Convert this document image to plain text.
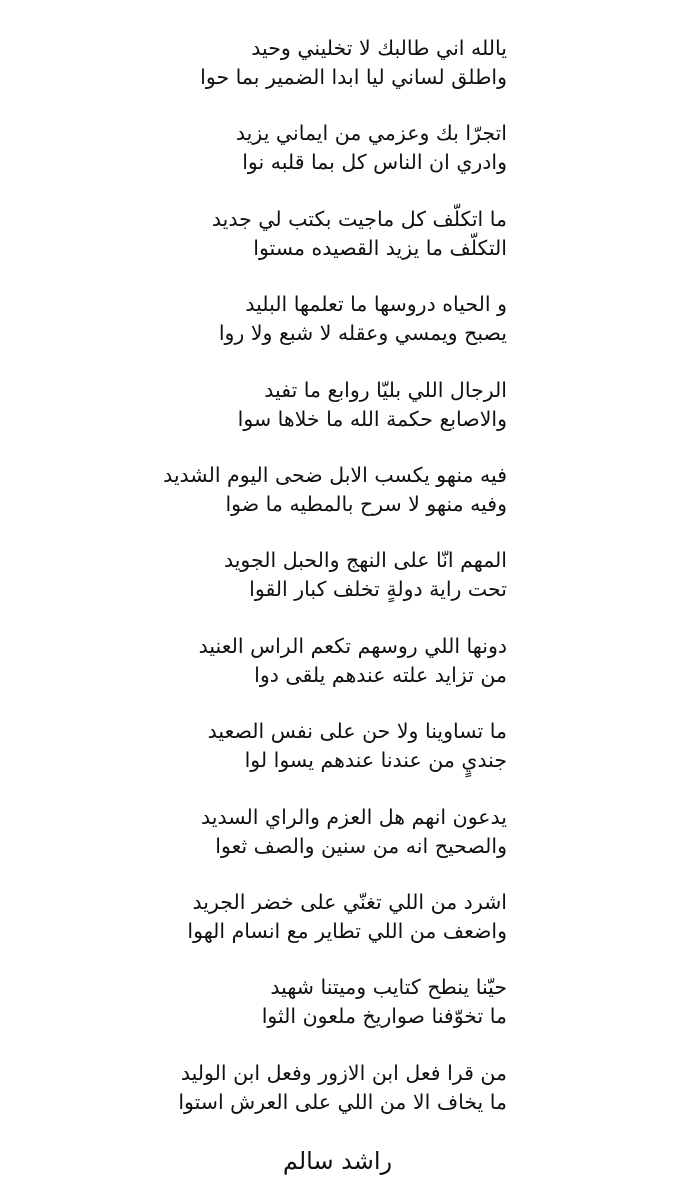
يالله اني طالبك لا تخليني وحيد
واطلق لساني ليا ابدا الضمير بما حوا
اتجرّا بك وعزمي من ايماني يزيد
وادري ان الناس كل بما قلبه نوا
ما اتكلّف كل ماجيت بكتب لي جديد
التكلّف ما يزيد القصيده مستوا
و الحياه دروسها ما تعلمها البليد
يصبح ويمسي وعقله لا شبع ولا روا
الرجال اللي بليّا روابع ما تفيد
والاصابع حكمة الله ما خلاها سوا
فيه منهو يكسب الابل ضحى اليوم الشديد
وفيه منهو لا سرح بالمطيه ما ضوا
المهم انّا على النهج والحبل الجويد
تحت راية دولةٍ تخلف كبار القوا
دونها اللي روسهم تكعم الراس العنيد
من تزايد علته عندهم يلقى دوا
ما تساوينا ولا حن على نفس الصعيد
جنديٍ من عندنا عندهم يسوا لوا
يدعون انهم هل العزم والراي السديد
والصحيح انه من سنين والصف ثعوا
اشرد من اللي تغنّي على خضر الجريد
واضعف من اللي تطاير مع انسام الهوا
حيّنا ينطح كتايب وميتنا شهيد
ما تخوّفنا صواريخ ملعون الثوا
من قرا فعل ابن الازور وفعل ابن الوليد
ما يخاف الا من اللي على العرش استوا
راشد سالم
